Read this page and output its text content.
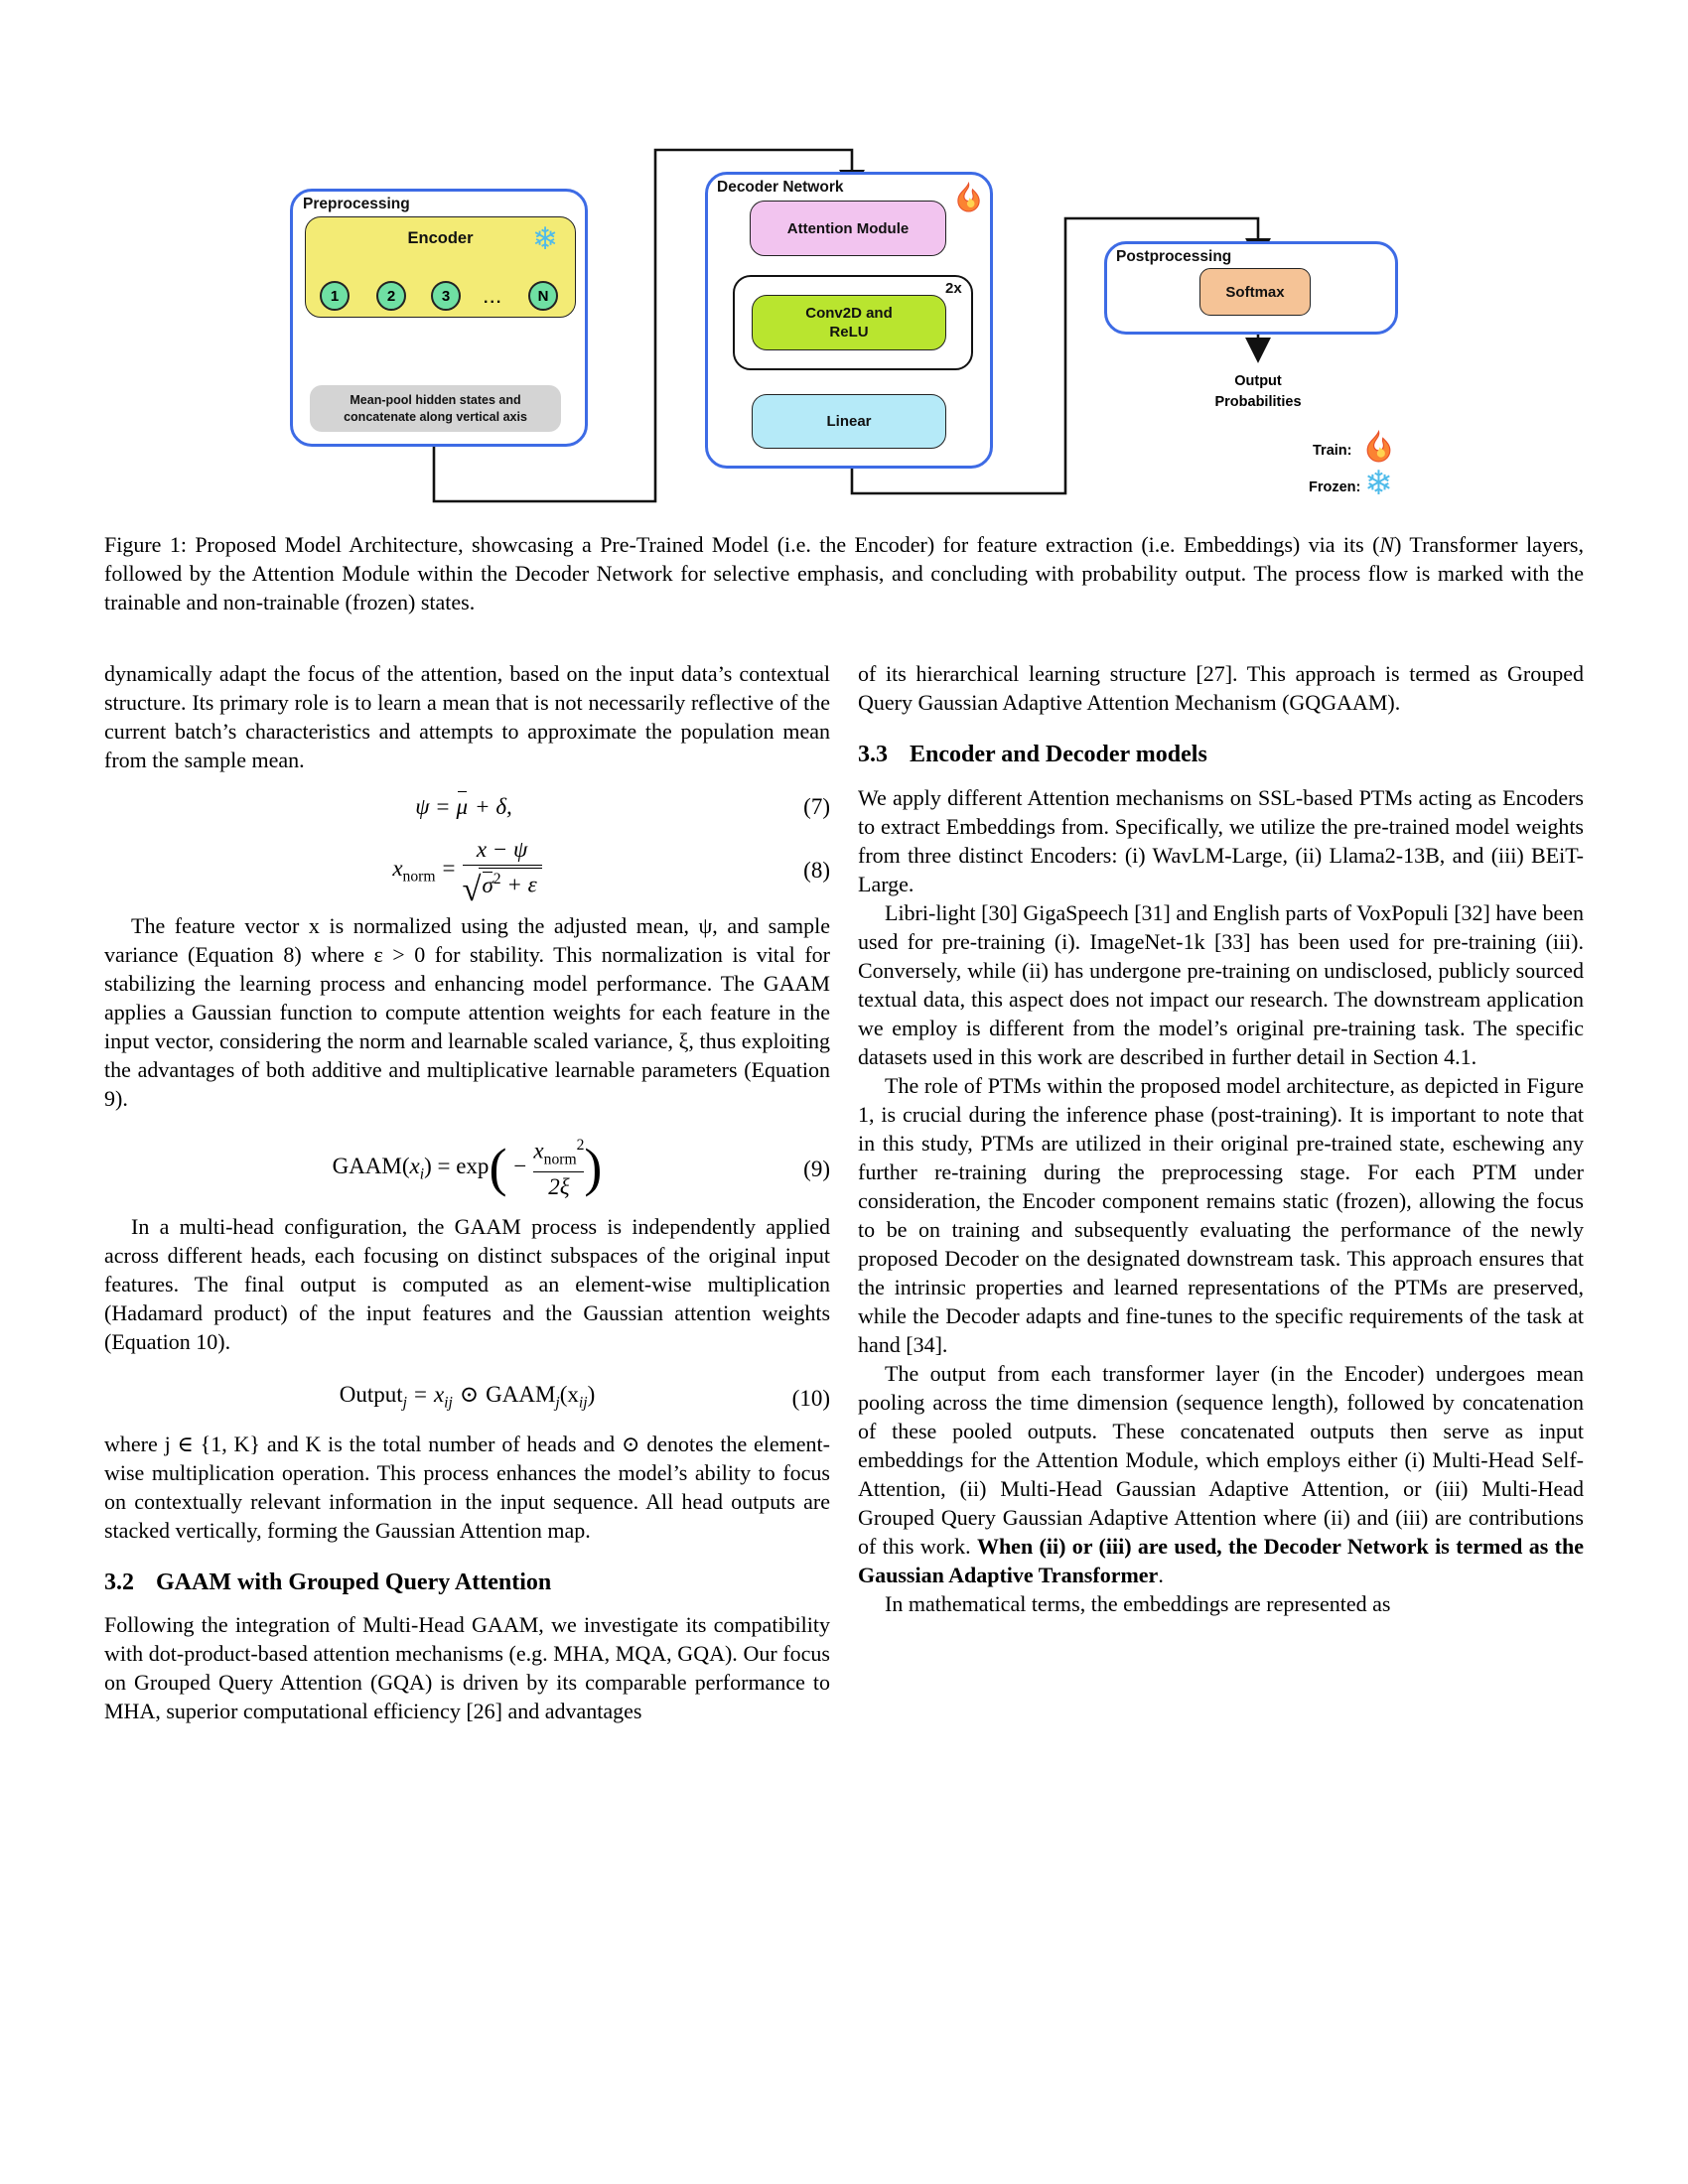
Preprocessing
Encoder ❄
1	2	3 ... N
Mean-pool hidden states and
concatenate along vertical axis
Decoder Network
Attention Module
2x
Conv2D and
ReLU
Linear
Postprocessing
Softmax
Output
Probabilities
Train:
Frozen: ❄
Figure 1: Proposed Model Architecture, showcasing a Pre-Trained Model (i.e. the Encoder) for feature extraction (i.e. Embeddings) via its (N) Transformer layers, followed by the Attention Module within the Decoder Network for selective emphasis, and concluding with probability output. The process flow is marked with the trainable and non-trainable (frozen) states.

dynamically adapt the focus of the attention, based on the input data’s contextual structure. Its primary role is to learn a mean that is not necessarily reflective of the current batch’s characteristics and attempts to approximate the population mean from the sample mean.

ψ = μ + δ,	(7)
$x_{norm} = \frac{x - \psi}{√\sigma^2 + \varepsilon}$	(8)

The feature vector x is normalized using the adjusted mean, ψ, and sample variance (Equation 8) where ε > 0 for stability. This normalization is vital for stabilizing the learning process and enhancing model performance. The GAAM applies a Gaussian function to compute attention weights for each feature in the input vector, considering the norm and learnable scaled variance, ξ, thus exploiting the advantages of both additive and multiplicative learnable parameters (Equation 9).

$GAAM(x_i) = \exp( - \frac{x_{norm}^2}{2\xi}$ )	(9)

In a multi-head configuration, the GAAM process is independently applied across different heads, each focusing on distinct subspaces of the original input features. The final output is computed as an element-wise multiplication (Hadamard product) of the input features and the Gaussian attention weights (Equation 10).

Output$_j$ = $x_{ij}$ ⊙ $GAAM_j(x_{ij})$	(10)

where j ∈ {1, K} and K is the total number of heads and ⊙ denotes the element-wise multiplication operation. This process enhances the model’s ability to focus on contextually relevant information in the input sequence. All head outputs are stacked vertically, forming the Gaussian Attention map.

3.2 GAAM with Grouped Query Attention

Following the integration of Multi-Head GAAM, we investigate its compatibility with dot-product-based attention mechanisms (e.g. MHA, MQA, GQA). Our focus on Grouped Query Attention (GQA) is driven by its comparable performance to MHA, superior computational efficiency [26] and advantages

of its hierarchical learning structure [27]. This approach is termed as Grouped Query Gaussian Adaptive Attention Mechanism (GQGAAM).

3.3 Encoder and Decoder models

We apply different Attention mechanisms on SSL-based PTMs acting as Encoders to extract Embeddings from. Specifically, we utilize the pre-trained model weights from three distinct Encoders: (i) WavLM-Large, (ii) Llama2-13B, and (iii) BEiT-Large.

Libri-light [30] GigaSpeech [31] and English parts of VoxPopuli [32] have been used for pre-training (i). ImageNet-1k [33] has been used for pre-training (iii). Conversely, while (ii) has undergone pre-training on undisclosed, publicly sourced textual data, this aspect does not impact our research. The downstream application we employ is different from the model’s original pre-training task. The specific datasets used in this work are described in further detail in Section 4.1.

The role of PTMs within the proposed model architecture, as depicted in Figure 1, is crucial during the inference phase (post-training). It is important to note that in this study, PTMs are utilized in their original pre-trained state, eschewing any further re-training during the preprocessing stage. For each PTM under consideration, the Encoder component remains static (frozen), allowing the focus to be on training and subsequently evaluating the performance of the newly proposed Decoder on the designated downstream task. This approach ensures that the intrinsic properties and learned representations of the PTMs are preserved, while the Decoder adapts and fine-tunes to the specific requirements of the task at hand [34].

The output from each transformer layer (in the Encoder) undergoes mean pooling across the time dimension (sequence length), followed by concatenation of these pooled outputs. These concatenated outputs then serve as input embeddings for the Attention Module, which employs either (i) Multi-Head Self-Attention, (ii) Multi-Head Gaussian Adaptive Attention, or (iii) Multi-Head Grouped Query Gaussian Adaptive Attention where (ii) and (iii) are contributions of this work. When (ii) or (iii) are used, the Decoder Network is termed as the Gaussian Adaptive Transformer.

In mathematical terms, the embeddings are represented as
